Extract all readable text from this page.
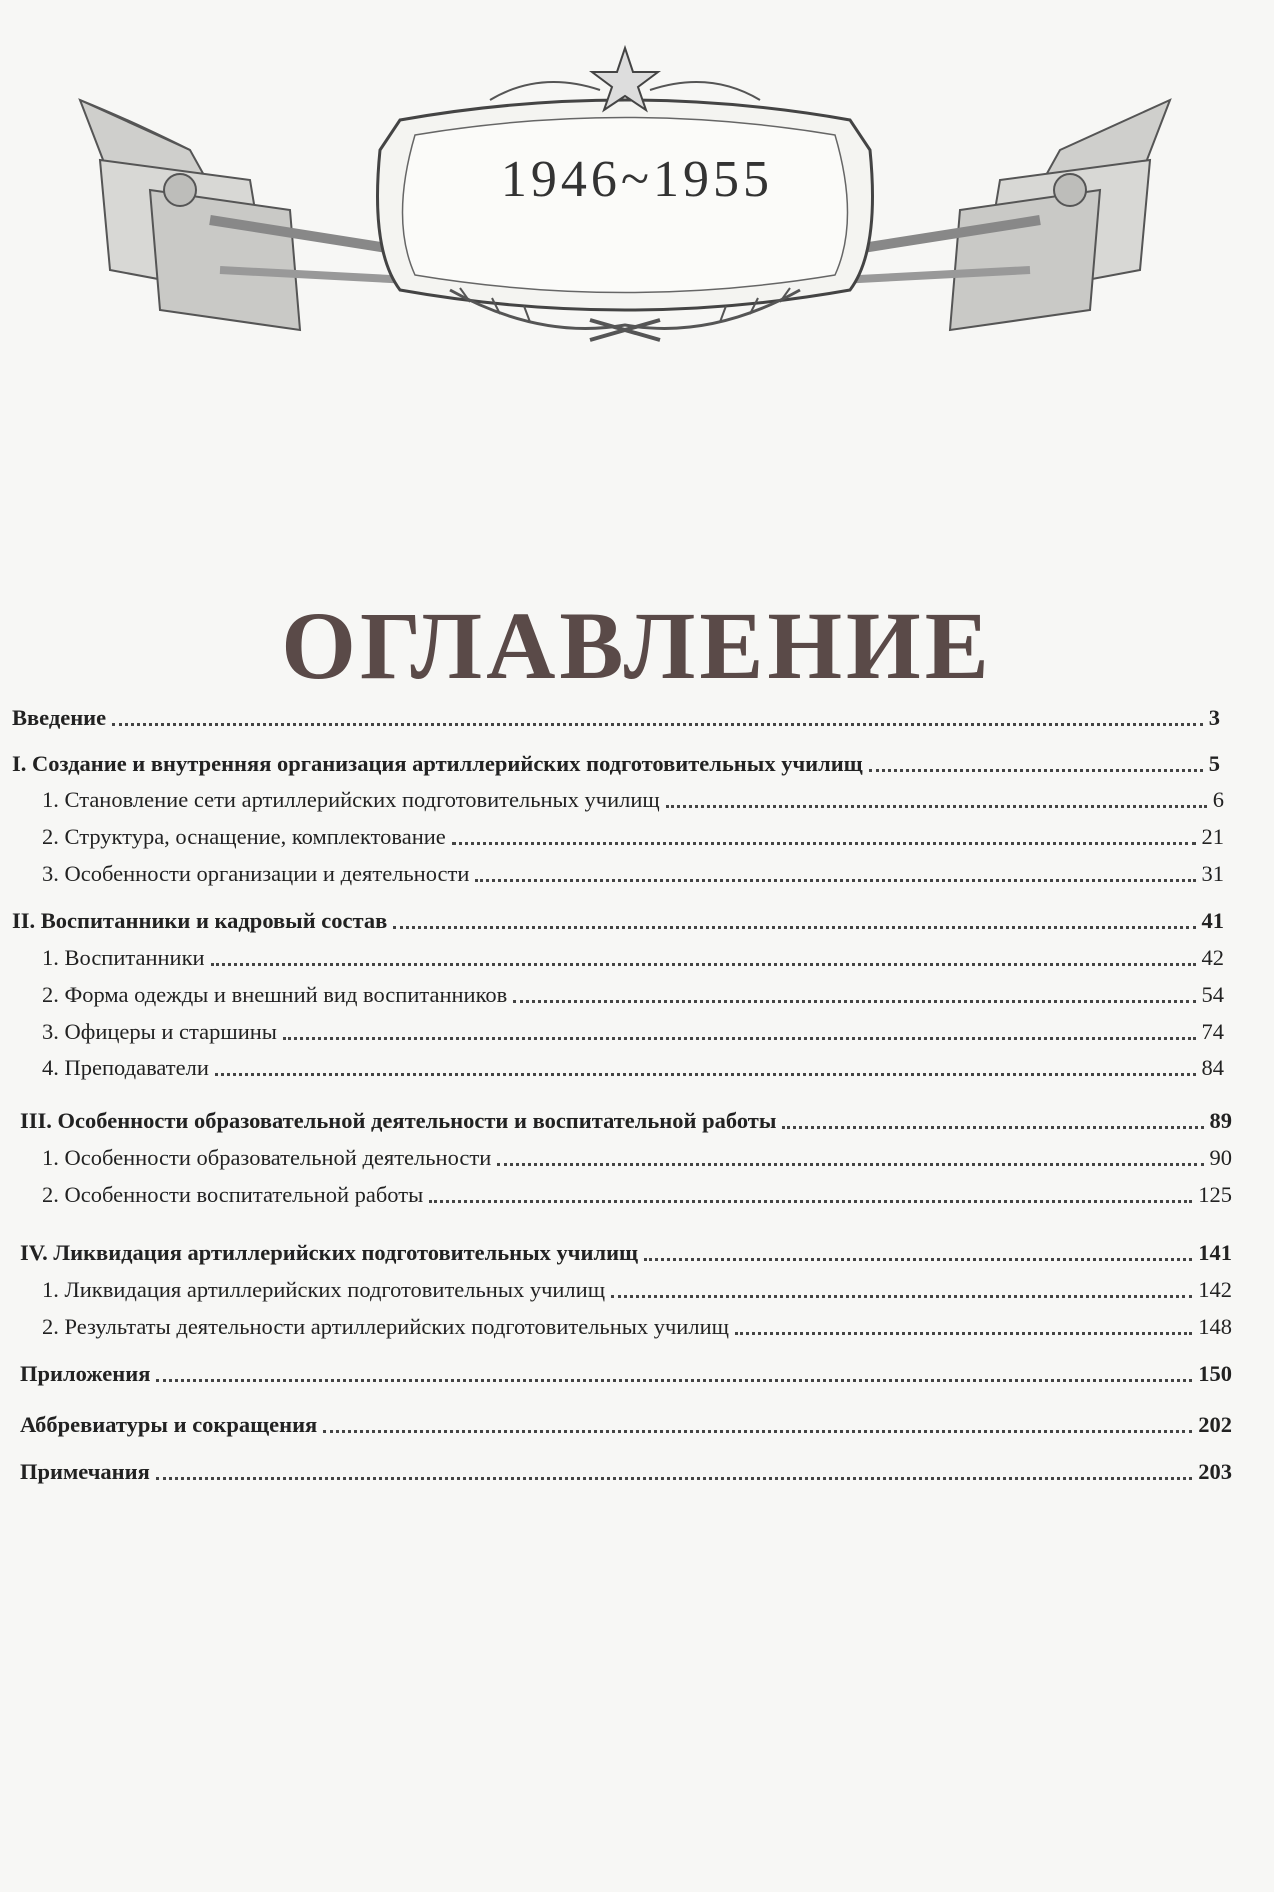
1946~1955
ОГЛАВЛЕНИЕ
Введение	3
I. Создание и внутренняя организация артиллерийских подготовительных училищ	5
1. Становление сети артиллерийских подготовительных училищ	6
2. Структура, оснащение, комплектование	21
3. Особенности организации и деятельности	31
II. Воспитанники и кадровый состав	41
1. Воспитанники	42
2. Форма одежды и внешний вид воспитанников	54
3. Офицеры и старшины	74
4. Преподаватели	84
III. Особенности образовательной деятельности и воспитательной работы	89
1. Особенности образовательной деятельности	90
2. Особенности воспитательной работы	125
IV. Ликвидация артиллерийских подготовительных училищ	141
1. Ликвидация артиллерийских подготовительных училищ	142
2. Результаты деятельности артиллерийских подготовительных училищ	148
Приложения	150
Аббревиатуры и сокращения	202
Примечания	203
